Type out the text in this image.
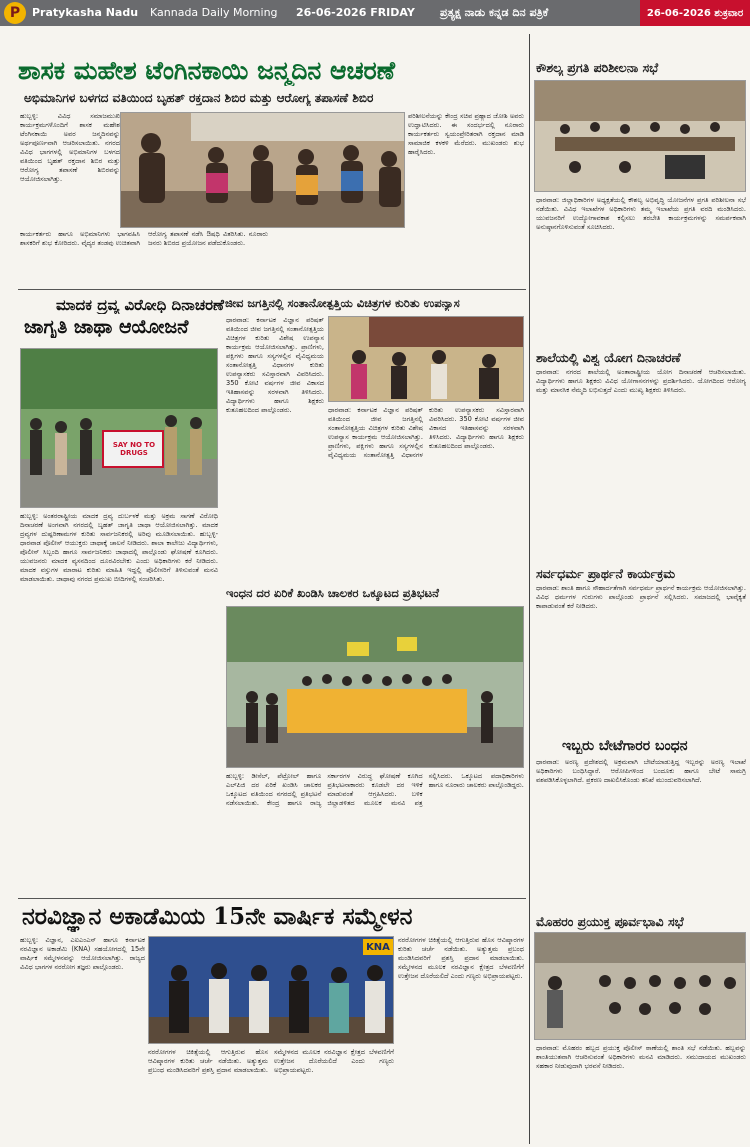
P	Pratykasha Nadu Kannada Daily Morning 26-06-2026 FRIDAY ಪ್ರತ್ಯಕ್ಷ ನಾಡು ಕನ್ನಡ ದಿನ ಪತ್ರಿಕೆ	26-06-2026 ಶುಕ್ರವಾರ
ಶಾಸಕ ಮಹೇಶ ಟೆಂಗಿನಕಾಯಿ ಜನ್ಮದಿನ ಆಚರಣೆ
ಅಭಿಮಾನಿಗಳ ಬಳಗದ ವತಿಯಿಂದ ಬೃಹತ್ ರಕ್ತದಾನ ಶಿಬಿರ ಮತ್ತು ಆರೋಗ್ಯ ತಪಾಸಣೆ ಶಿಬಿರ
ಹುಬ್ಬಳ್ಳಿ: ವಿವಿಧ ಸಮಾಜಮುಖಿ ಕಾರ್ಯಕ್ರಮಗಳೊಂದಿಗೆ ಶಾಸಕ ಮಹೇಶ ಟೆಂಗಿನಕಾಯಿ ಅವರ ಜನ್ಮದಿನವನ್ನು ಅರ್ಥಪೂರ್ಣವಾಗಿ ಆಚರಿಸಲಾಯಿತು. ನಗರದ ವಿವಿಧ ಭಾಗಗಳಲ್ಲಿ ಅಭಿಮಾನಿಗಳ ಬಳಗದ ವತಿಯಿಂದ ಬೃಹತ್ ರಕ್ತದಾನ ಶಿಬಿರ ಮತ್ತು ಆರೋಗ್ಯ ತಪಾಸಣೆ ಶಿಬಿರವನ್ನು ಆಯೋಜಿಸಲಾಗಿತ್ತು.
ಪರಿಶೀಲನೆಯನ್ನು ಕೇಂದ್ರ ಸಚಿವ ಪ್ರಹ್ಲಾದ ಜೋಶಿ ಅವರು ಉದ್ಘಾಟಿಸಿದರು. ಈ ಸಂದರ್ಭದಲ್ಲಿ ನೂರಾರು ಕಾರ್ಯಕರ್ತರು ಸ್ವಯಂಪ್ರೇರಿತರಾಗಿ ರಕ್ತದಾನ ಮಾಡಿ ಸಾಮಾಜಿಕ ಕಳಕಳಿ ಮೆರೆದರು. ಮುಖಂಡರು ಶುಭ ಹಾರೈಸಿದರು.
ಕಾರ್ಯಕರ್ತರು ಹಾಗೂ ಅಭಿಮಾನಿಗಳು ಭಾಗವಹಿಸಿ ಶಾಸಕರಿಗೆ ಶುಭ ಕೋರಿದರು. ವೈದ್ಯರ ತಂಡವು ಉಚಿತವಾಗಿ ಆರೋಗ್ಯ ತಪಾಸಣೆ ನಡೆಸಿ ಔಷಧಿ ವಿತರಿಸಿತು. ನೂರಾರು ಜನರು ಶಿಬಿರದ ಪ್ರಯೋಜನ ಪಡೆದುಕೊಂಡರು.
ಮಾದಕ ದ್ರವ್ಯ ವಿರೋಧಿ ದಿನಾಚರಣೆ
ಜಾಗೃತಿ ಜಾಥಾ ಆಯೋಜನೆ
SAY NO TO DRUGS
ಹುಬ್ಬಳ್ಳಿ: ಅಂತರರಾಷ್ಟ್ರೀಯ ಮಾದಕ ದ್ರವ್ಯ ದುರ್ಬಳಕೆ ಮತ್ತು ಅಕ್ರಮ ಸಾಗಣೆ ವಿರೋಧಿ ದಿನಾಚರಣೆ ಅಂಗವಾಗಿ ನಗರದಲ್ಲಿ ಬೃಹತ್ ಜಾಗೃತಿ ಜಾಥಾ ಆಯೋಜಿಸಲಾಗಿತ್ತು. ಮಾದಕ ದ್ರವ್ಯಗಳ ದುಷ್ಪರಿಣಾಮಗಳ ಕುರಿತು ಸಾರ್ವಜನಿಕರಲ್ಲಿ ಅರಿವು ಮೂಡಿಸಲಾಯಿತು. ಹುಬ್ಬಳ್ಳಿ-ಧಾರವಾಡ ಪೊಲೀಸ್ ಆಯುಕ್ತರು ಜಾಥಾಕ್ಕೆ ಚಾಲನೆ ನೀಡಿದರು. ಶಾಲಾ ಕಾಲೇಜು ವಿದ್ಯಾರ್ಥಿಗಳು, ಪೊಲೀಸ್ ಸಿಬ್ಬಂದಿ ಹಾಗೂ ಸಾರ್ವಜನಿಕರು ಜಾಥಾದಲ್ಲಿ ಪಾಲ್ಗೊಂಡು ಘೋಷಣೆ ಕೂಗಿದರು. ಯುವಜನರು ಮಾದಕ ವ್ಯಸನದಿಂದ ದೂರವಿರಬೇಕು ಎಂದು ಅಧಿಕಾರಿಗಳು ಕರೆ ನೀಡಿದರು. ಮಾದಕ ವಸ್ತುಗಳ ಮಾರಾಟ ಕುರಿತು ಮಾಹಿತಿ ಇದ್ದಲ್ಲಿ ಪೊಲೀಸರಿಗೆ ತಿಳಿಸುವಂತೆ ಮನವಿ ಮಾಡಲಾಯಿತು. ಜಾಥಾವು ನಗರದ ಪ್ರಮುಖ ಬೀದಿಗಳಲ್ಲಿ ಸಂಚರಿಸಿತು.
ಜೀವ ಜಗತ್ತಿನಲ್ಲಿ ಸಂತಾನೋತ್ಪತ್ತಿಯ ವಿಚಿತ್ರಗಳ ಕುರಿತು ಉಪನ್ಯಾಸ
ಧಾರವಾಡ: ಕರ್ನಾಟಕ ವಿಜ್ಞಾನ ಪರಿಷತ್ ವತಿಯಿಂದ ಜೀವ ಜಗತ್ತಿನಲ್ಲಿ ಸಂತಾನೋತ್ಪತ್ತಿಯ ವಿಚಿತ್ರಗಳ ಕುರಿತು ವಿಶೇಷ ಉಪನ್ಯಾಸ ಕಾರ್ಯಕ್ರಮ ಆಯೋಜಿಸಲಾಗಿತ್ತು. ಪ್ರಾಣಿಗಳು, ಪಕ್ಷಿಗಳು ಹಾಗೂ ಸಸ್ಯಗಳಲ್ಲಿನ ವೈವಿಧ್ಯಮಯ ಸಂತಾನೋತ್ಪತ್ತಿ ವಿಧಾನಗಳ ಕುರಿತು ಉಪನ್ಯಾಸಕರು ಸವಿಸ್ತಾರವಾಗಿ ವಿವರಿಸಿದರು. 350 ಕೋಟಿ ವರ್ಷಗಳ ಜೀವ ವಿಕಾಸದ ಇತಿಹಾಸವನ್ನು ಸರಳವಾಗಿ ತಿಳಿಸಿದರು. ವಿದ್ಯಾರ್ಥಿಗಳು ಹಾಗೂ ಶಿಕ್ಷಕರು ಕುತೂಹಲದಿಂದ ಪಾಲ್ಗೊಂಡರು.	ಧಾರವಾಡ: ಕರ್ನಾಟಕ ವಿಜ್ಞಾನ ಪರಿಷತ್ ವತಿಯಿಂದ ಜೀವ ಜಗತ್ತಿನಲ್ಲಿ ಸಂತಾನೋತ್ಪತ್ತಿಯ ವಿಚಿತ್ರಗಳ ಕುರಿತು ವಿಶೇಷ ಉಪನ್ಯಾಸ ಕಾರ್ಯಕ್ರಮ ಆಯೋಜಿಸಲಾಗಿತ್ತು. ಪ್ರಾಣಿಗಳು, ಪಕ್ಷಿಗಳು ಹಾಗೂ ಸಸ್ಯಗಳಲ್ಲಿನ ವೈವಿಧ್ಯಮಯ ಸಂತಾನೋತ್ಪತ್ತಿ ವಿಧಾನಗಳ ಕುರಿತು ಉಪನ್ಯಾಸಕರು ಸವಿಸ್ತಾರವಾಗಿ ವಿವರಿಸಿದರು. 350 ಕೋಟಿ ವರ್ಷಗಳ ಜೀವ ವಿಕಾಸದ ಇತಿಹಾಸವನ್ನು ಸರಳವಾಗಿ ತಿಳಿಸಿದರು. ವಿದ್ಯಾರ್ಥಿಗಳು ಹಾಗೂ ಶಿಕ್ಷಕರು ಕುತೂಹಲದಿಂದ ಪಾಲ್ಗೊಂಡರು.
ಇಂಧನ ದರ ಏರಿಕೆ ಖಂಡಿಸಿ ಚಾಲಕರ ಒಕ್ಕೂಟದ ಪ್ರತಿಭಟನೆ
ಹುಬ್ಬಳ್ಳಿ: ಡೀಸೆಲ್, ಪೆಟ್ರೋಲ್ ಹಾಗೂ ಎಲ್‌ಪಿಜಿ ದರ ಏರಿಕೆ ಖಂಡಿಸಿ ಚಾಲಕರ ಒಕ್ಕೂಟದ ವತಿಯಿಂದ ನಗರದಲ್ಲಿ ಪ್ರತಿಭಟನೆ ನಡೆಸಲಾಯಿತು. ಕೇಂದ್ರ ಹಾಗೂ ರಾಜ್ಯ ಸರ್ಕಾರಗಳ ವಿರುದ್ಧ ಘೋಷಣೆ ಕೂಗಿದ ಪ್ರತಿಭಟನಾಕಾರರು ಕೂಡಲೇ ದರ ಇಳಿಕೆ ಮಾಡುವಂತೆ ಆಗ್ರಹಿಸಿದರು. ಬಳಿಕ ಜಿಲ್ಲಾಡಳಿತದ ಮೂಲಕ ಮನವಿ ಪತ್ರ ಸಲ್ಲಿಸಿದರು. ಒಕ್ಕೂಟದ ಪದಾಧಿಕಾರಿಗಳು ಹಾಗೂ ನೂರಾರು ಚಾಲಕರು ಪಾಲ್ಗೊಂಡಿದ್ದರು.
ನರವಿಜ್ಞಾನ ಅಕಾಡೆಮಿಯ 15ನೇ ವಾರ್ಷಿಕ ಸಮ್ಮೇಳನ
ಹುಬ್ಬಳ್ಳಿ: ವಿಜ್ಞಾನ, ಎಐಎಂಎಸ್ ಹಾಗೂ ಕರ್ನಾಟಕ ನರವಿಜ್ಞಾನ ಅಕಾಡೆಮಿ (KNA) ಸಹಯೋಗದಲ್ಲಿ 15ನೇ ವಾರ್ಷಿಕ ಸಮ್ಮೇಳನವನ್ನು ಆಯೋಜಿಸಲಾಗಿತ್ತು. ರಾಜ್ಯದ ವಿವಿಧ ಭಾಗಗಳ ನರರೋಗ ತಜ್ಞರು ಪಾಲ್ಗೊಂಡರು.
KNA
ನರರೋಗಗಳ ಚಿಕಿತ್ಸೆಯಲ್ಲಿ ಆಗುತ್ತಿರುವ ಹೊಸ ಆವಿಷ್ಕಾರಗಳ ಕುರಿತು ಚರ್ಚೆ ನಡೆಯಿತು. ಅತ್ಯುತ್ತಮ ಪ್ರಬಂಧ ಮಂಡಿಸಿದವರಿಗೆ ಪ್ರಶಸ್ತಿ ಪ್ರದಾನ ಮಾಡಲಾಯಿತು. ಸಮ್ಮೇಳನದ ಮೂಲಕ ನರವಿಜ್ಞಾನ ಕ್ಷೇತ್ರದ ಬೆಳವಣಿಗೆಗೆ ಉತ್ತೇಜನ ದೊರೆಯಲಿದೆ ಎಂದು ಗಣ್ಯರು ಅಭಿಪ್ರಾಯಪಟ್ಟರು.
ನರರೋಗಗಳ ಚಿಕಿತ್ಸೆಯಲ್ಲಿ ಆಗುತ್ತಿರುವ ಹೊಸ ಆವಿಷ್ಕಾರಗಳ ಕುರಿತು ಚರ್ಚೆ ನಡೆಯಿತು. ಅತ್ಯುತ್ತಮ ಪ್ರಬಂಧ ಮಂಡಿಸಿದವರಿಗೆ ಪ್ರಶಸ್ತಿ ಪ್ರದಾನ ಮಾಡಲಾಯಿತು. ಸಮ್ಮೇಳನದ ಮೂಲಕ ನರವಿಜ್ಞಾನ ಕ್ಷೇತ್ರದ ಬೆಳವಣಿಗೆಗೆ ಉತ್ತೇಜನ ದೊರೆಯಲಿದೆ ಎಂದು ಗಣ್ಯರು ಅಭಿಪ್ರಾಯಪಟ್ಟರು.
ಕೌಶಲ್ಯ ಪ್ರಗತಿ ಪರಿಶೀಲನಾ ಸಭೆ
ಧಾರವಾಡ: ಜಿಲ್ಲಾಧಿಕಾರಿಗಳ ಅಧ್ಯಕ್ಷತೆಯಲ್ಲಿ ಕೌಶಲ್ಯ ಅಭಿವೃದ್ಧಿ ಯೋಜನೆಗಳ ಪ್ರಗತಿ ಪರಿಶೀಲನಾ ಸಭೆ ನಡೆಯಿತು. ವಿವಿಧ ಇಲಾಖೆಗಳ ಅಧಿಕಾರಿಗಳು ತಮ್ಮ ಇಲಾಖೆಯ ಪ್ರಗತಿ ವರದಿ ಮಂಡಿಸಿದರು. ಯುವಜನರಿಗೆ ಉದ್ಯೋಗಾವಕಾಶ ಕಲ್ಪಿಸಲು ತರಬೇತಿ ಕಾರ್ಯಕ್ರಮಗಳನ್ನು ಸಮರ್ಪಕವಾಗಿ ಅನುಷ್ಠಾನಗೊಳಿಸುವಂತೆ ಸೂಚಿಸಿದರು.
ಶಾಲೆಯಲ್ಲಿ ವಿಶ್ವ ಯೋಗ ದಿನಾಚರಣೆ
ಧಾರವಾಡ: ನಗರದ ಶಾಲೆಯಲ್ಲಿ ಅಂತಾರಾಷ್ಟ್ರೀಯ ಯೋಗ ದಿನಾಚರಣೆ ಆಚರಿಸಲಾಯಿತು. ವಿದ್ಯಾರ್ಥಿಗಳು ಹಾಗೂ ಶಿಕ್ಷಕರು ವಿವಿಧ ಯೋಗಾಸನಗಳನ್ನು ಪ್ರದರ್ಶಿಸಿದರು. ಯೋಗದಿಂದ ಆರೋಗ್ಯ ಮತ್ತು ಮಾನಸಿಕ ನೆಮ್ಮದಿ ಲಭಿಸುತ್ತದೆ ಎಂದು ಮುಖ್ಯ ಶಿಕ್ಷಕರು ತಿಳಿಸಿದರು.
ಸರ್ವಧರ್ಮ ಪ್ರಾರ್ಥನೆ ಕಾರ್ಯಕ್ರಮ
ಧಾರವಾಡ: ಶಾಂತಿ ಹಾಗೂ ಸೌಹಾರ್ದತೆಗಾಗಿ ಸರ್ವಧರ್ಮ ಪ್ರಾರ್ಥನೆ ಕಾರ್ಯಕ್ರಮ ಆಯೋಜಿಸಲಾಗಿತ್ತು. ವಿವಿಧ ಧರ್ಮಗಳ ಗುರುಗಳು ಪಾಲ್ಗೊಂಡು ಪ್ರಾರ್ಥನೆ ಸಲ್ಲಿಸಿದರು. ಸಮಾಜದಲ್ಲಿ ಭಾವೈಕ್ಯತೆ ಕಾಪಾಡುವಂತೆ ಕರೆ ನೀಡಿದರು.
ಇಬ್ಬರು ಬೇಟೆಗಾರರ ಬಂಧನ
ಧಾರವಾಡ: ಅರಣ್ಯ ಪ್ರದೇಶದಲ್ಲಿ ಅಕ್ರಮವಾಗಿ ಬೇಟೆಯಾಡುತ್ತಿದ್ದ ಇಬ್ಬರನ್ನು ಅರಣ್ಯ ಇಲಾಖೆ ಅಧಿಕಾರಿಗಳು ಬಂಧಿಸಿದ್ದಾರೆ. ಆರೋಪಿಗಳಿಂದ ಬಂದೂಕು ಹಾಗೂ ಬೇಟೆ ಸಾಮಗ್ರಿ ವಶಪಡಿಸಿಕೊಳ್ಳಲಾಗಿದೆ. ಪ್ರಕರಣ ದಾಖಲಿಸಿಕೊಂಡು ತನಿಖೆ ಮುಂದುವರಿಸಲಾಗಿದೆ.
ಮೊಹರಂ ಪ್ರಯುಕ್ತ ಪೂರ್ವಭಾವಿ ಸಭೆ
ಧಾರವಾಡ: ಮೊಹರಂ ಹಬ್ಬದ ಪ್ರಯುಕ್ತ ಪೊಲೀಸ್ ಠಾಣೆಯಲ್ಲಿ ಶಾಂತಿ ಸಭೆ ನಡೆಯಿತು. ಹಬ್ಬವನ್ನು ಶಾಂತಿಯುತವಾಗಿ ಆಚರಿಸುವಂತೆ ಅಧಿಕಾರಿಗಳು ಮನವಿ ಮಾಡಿದರು. ಸಮುದಾಯದ ಮುಖಂಡರು ಸಹಕಾರ ನೀಡುವುದಾಗಿ ಭರವಸೆ ನೀಡಿದರು.
